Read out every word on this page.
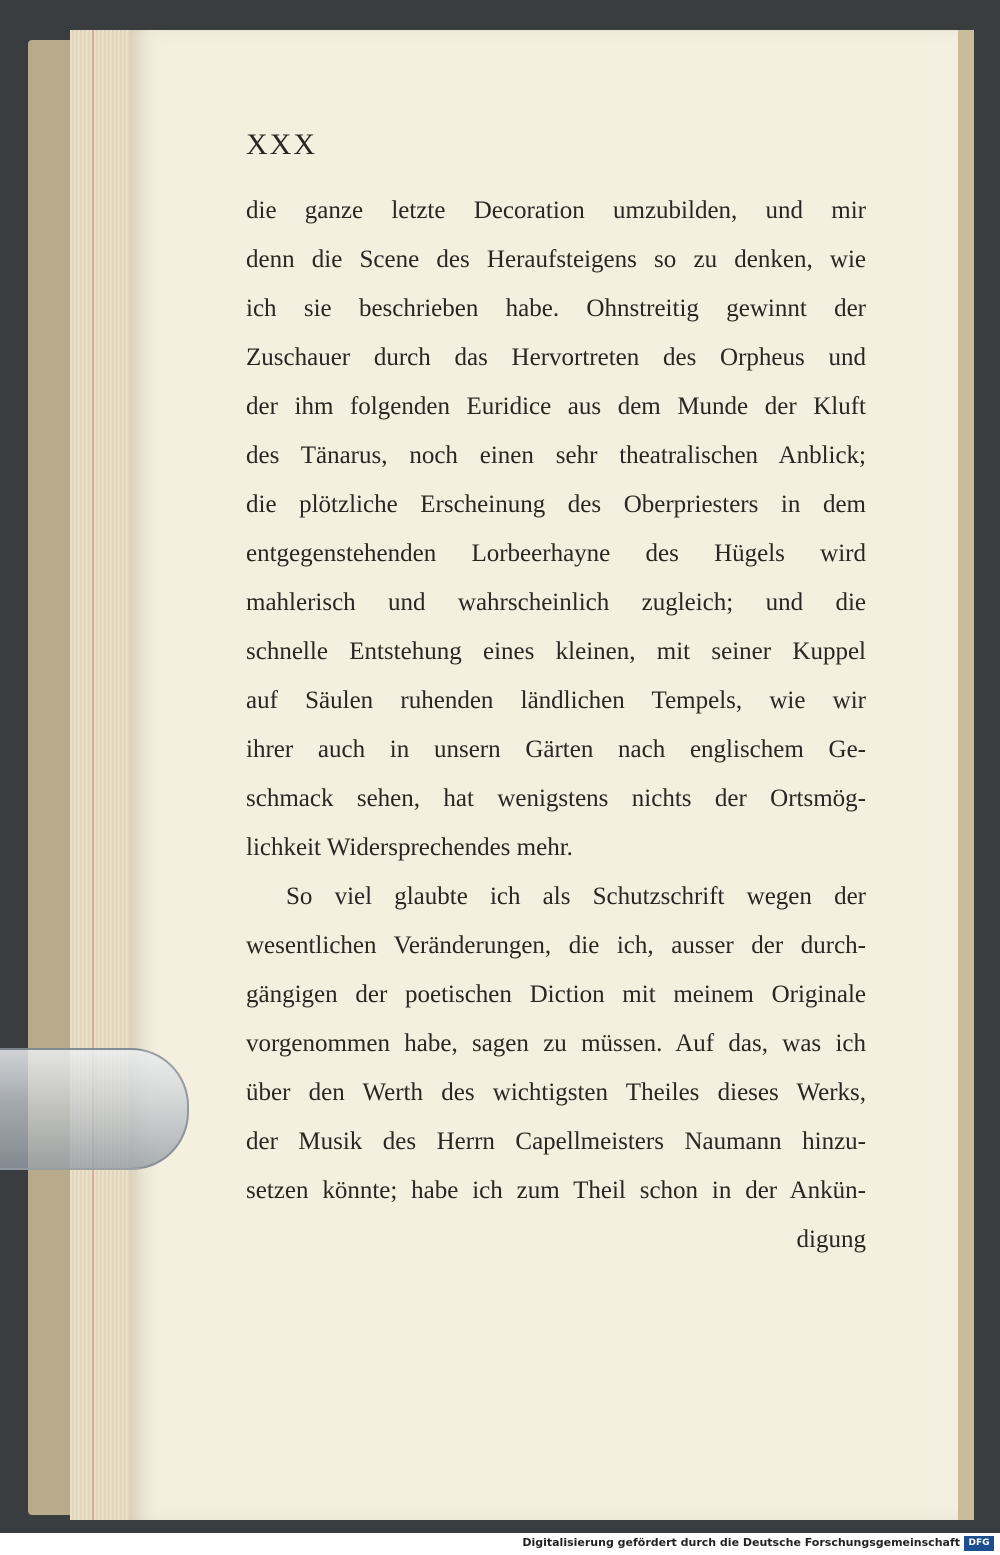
XXX
die ganze letzte Decoration umzubilden, und mir
denn die Scene des Heraufsteigens so zu denken, wie
ich sie beschrieben habe. Ohnstreitig gewinnt der
Zuschauer durch das Hervortreten des Orpheus und
der ihm folgenden Euridice aus dem Munde der Kluft
des Tänarus, noch einen sehr theatralischen Anblick;
die plötzliche Erscheinung des Oberpriesters in dem
entgegenstehenden Lorbeerhayne des Hügels wird
mahlerisch und wahrscheinlich zugleich; und die
schnelle Entstehung eines kleinen, mit seiner Kuppel
auf Säulen ruhenden ländlichen Tempels, wie wir
ihrer auch in unsern Gärten nach englischem Ge-
schmack sehen, hat wenigstens nichts der Ortsmög-
lichkeit Widersprechendes mehr.
So viel glaubte ich als Schutzschrift wegen der
wesentlichen Veränderungen, die ich, ausser der durch-
gängigen der poetischen Diction mit meinem Originale
vorgenommen habe, sagen zu müssen. Auf das, was ich
über den Werth des wichtigsten Theiles dieses Werks,
der Musik des Herrn Capellmeisters Naumann hinzu-
setzen könnte; habe ich zum Theil schon in der Ankün-
digung
Digitalisierung gefördert durch die Deutsche Forschungsgemeinschaft DFG
